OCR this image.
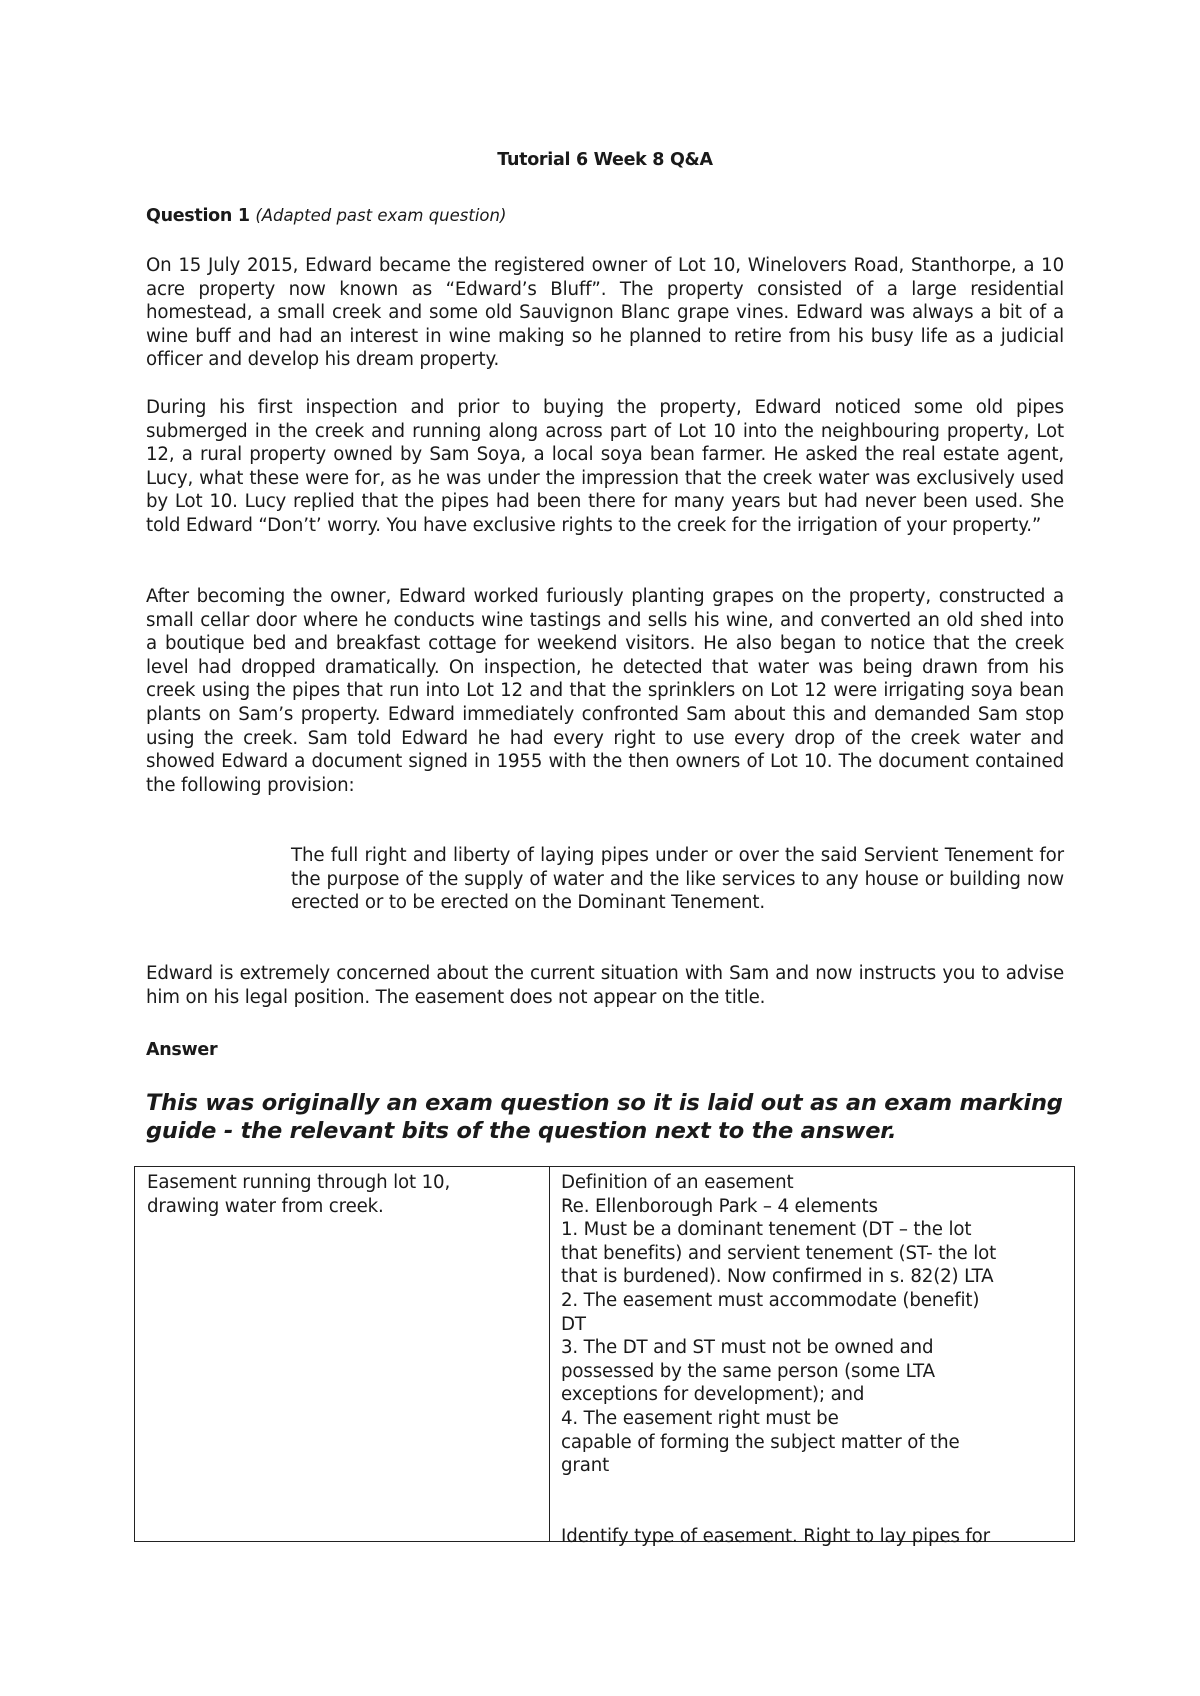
Tutorial 6 Week 8 Q&A
Question 1 (Adapted past exam question)
On 15 July 2015, Edward became the registered owner of Lot 10, Winelovers Road, Stanthorpe, a 10 acre property now known as “Edward’s Bluff”. The property consisted of a large residential homestead, a small creek and some old Sauvignon Blanc grape vines. Edward was always a bit of a wine buff and had an interest in wine making so he planned to retire from his busy life as a judicial officer and develop his dream property.
During his first inspection and prior to buying the property, Edward noticed some old pipes submerged in the creek and running along across part of Lot 10 into the neighbouring property, Lot 12, a rural property owned by Sam Soya, a local soya bean farmer. He asked the real estate agent, Lucy, what these were for, as he was under the impression that the creek water was exclusively used by Lot 10. Lucy replied that the pipes had been there for many years but had never been used. She told Edward “Don’t’ worry. You have exclusive rights to the creek for the irrigation of your property.”
After becoming the owner, Edward worked furiously planting grapes on the property, constructed a small cellar door where he conducts wine tastings and sells his wine, and converted an old shed into a boutique bed and breakfast cottage for weekend visitors. He also began to notice that the creek level had dropped dramatically. On inspection, he detected that water was being drawn from his creek using the pipes that run into Lot 12 and that the sprinklers on Lot 12 were irrigating soya bean plants on Sam’s property. Edward immediately confronted Sam about this and demanded Sam stop using the creek. Sam told Edward he had every right to use every drop of the creek water and showed Edward a document signed in 1955 with the then owners of Lot 10. The document contained the following provision:
The full right and liberty of laying pipes under or over the said Servient Tenement for the purpose of the supply of water and the like services to any house or building now erected or to be erected on the Dominant Tenement.
Edward is extremely concerned about the current situation with Sam and now instructs you to advise him on his legal position. The easement does not appear on the title.
Answer
This was originally an exam question so it is laid out as an exam marking guide - the relevant bits of the question next to the answer.
Easement running through lot 10,
drawing water from creek.
Definition of an easement
Re. Ellenborough Park – 4 elements
1. Must be a dominant tenement (DT – the lot
that benefits) and servient tenement (ST- the lot
that is burdened). Now confirmed in s. 82(2) LTA
2. The easement must accommodate (benefit)
DT
3. The DT and ST must not be owned and
possessed by the same person (some LTA
exceptions for development); and
4. The easement right must be
capable of forming the subject matter of the
grant
Identify type of easement. Right to lay pipes for
